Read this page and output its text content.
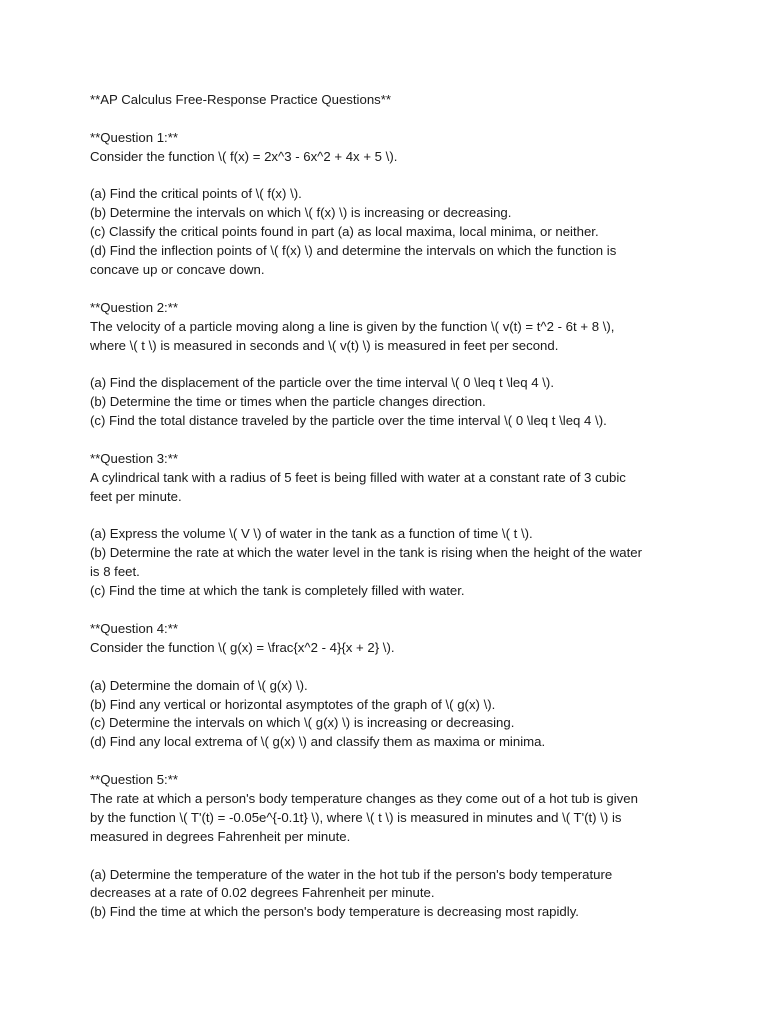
**AP Calculus Free-Response Practice Questions**
**Question 1:**
Consider the function \( f(x) = 2x^3 - 6x^2 + 4x + 5 \).
(a) Find the critical points of \( f(x) \).
(b) Determine the intervals on which \( f(x) \) is increasing or decreasing.
(c) Classify the critical points found in part (a) as local maxima, local minima, or neither.
(d) Find the inflection points of \( f(x) \) and determine the intervals on which the function is
concave up or concave down.
**Question 2:**
The velocity of a particle moving along a line is given by the function \( v(t) = t^2 - 6t + 8 \),
where \( t \) is measured in seconds and \( v(t) \) is measured in feet per second.
(a) Find the displacement of the particle over the time interval \( 0 \leq t \leq 4 \).
(b) Determine the time or times when the particle changes direction.
(c) Find the total distance traveled by the particle over the time interval \( 0 \leq t \leq 4 \).
**Question 3:**
A cylindrical tank with a radius of 5 feet is being filled with water at a constant rate of 3 cubic
feet per minute.
(a) Express the volume \( V \) of water in the tank as a function of time \( t \).
(b) Determine the rate at which the water level in the tank is rising when the height of the water
is 8 feet.
(c) Find the time at which the tank is completely filled with water.
**Question 4:**
Consider the function \( g(x) = \frac{x^2 - 4}{x + 2} \).
(a) Determine the domain of \( g(x) \).
(b) Find any vertical or horizontal asymptotes of the graph of \( g(x) \).
(c) Determine the intervals on which \( g(x) \) is increasing or decreasing.
(d) Find any local extrema of \( g(x) \) and classify them as maxima or minima.
**Question 5:**
The rate at which a person's body temperature changes as they come out of a hot tub is given
by the function \( T'(t) = -0.05e^{-0.1t} \), where \( t \) is measured in minutes and \( T'(t) \) is
measured in degrees Fahrenheit per minute.
(a) Determine the temperature of the water in the hot tub if the person's body temperature
decreases at a rate of 0.02 degrees Fahrenheit per minute.
(b) Find the time at which the person's body temperature is decreasing most rapidly.
